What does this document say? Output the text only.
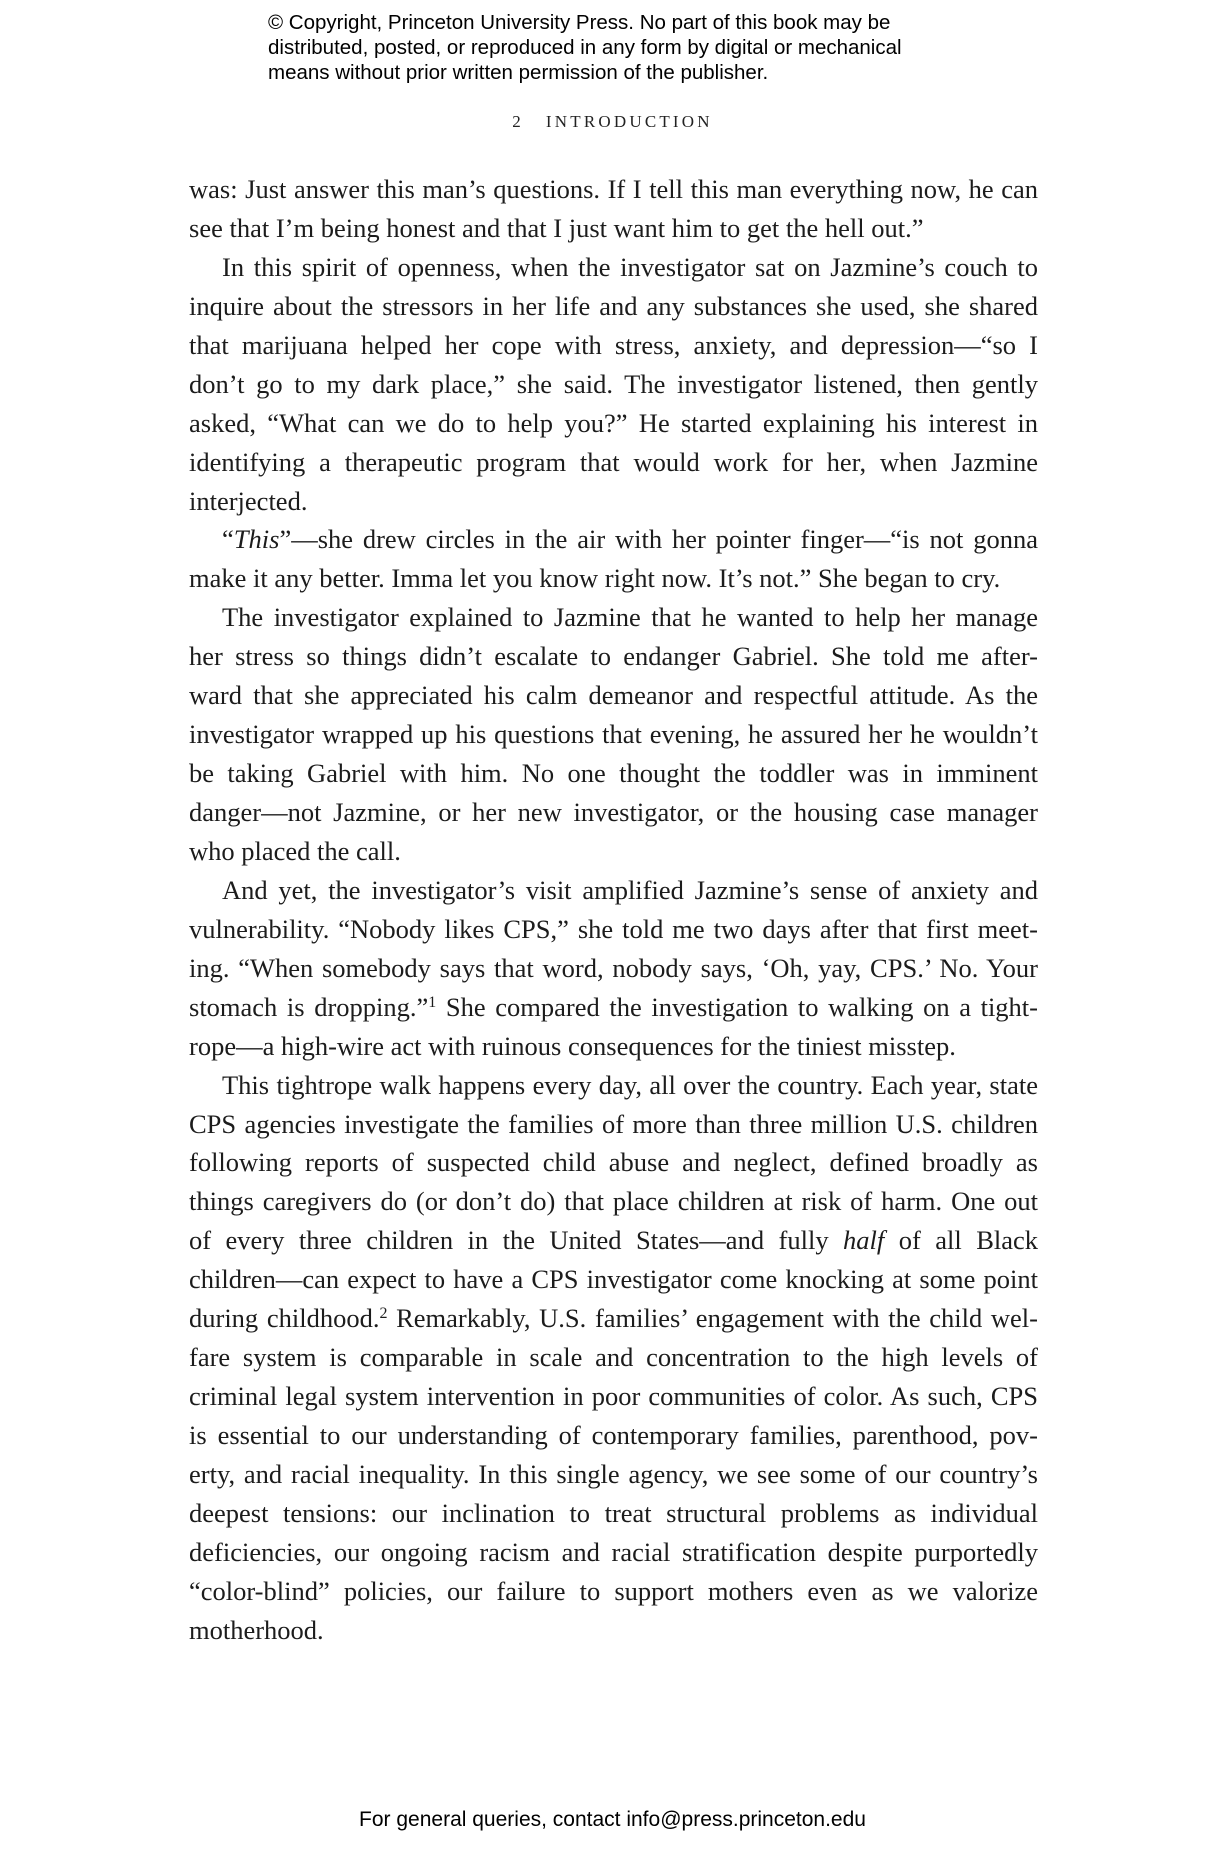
© Copyright, Princeton University Press. No part of this book may be
distributed, posted, or reproduced in any form by digital or mechanical
means without prior written permission of the publisher.
2 INTRODUCTION
was: Just answer this man’s questions. If I tell this man everything now, he can
see that I’m being honest and that I just want him to get the hell out.”
In this spirit of openness, when the investigator sat on Jazmine’s couch to
inquire about the stressors in her life and any substances she used, she shared
that marijuana helped her cope with stress, anxiety, and depression—“so I
don’t go to my dark place,” she said. The investigator listened, then gently
asked, “What can we do to help you?” He started explaining his interest in
identifying a therapeutic program that would work for her, when Jazmine
interjected.
“This”—she drew circles in the air with her pointer finger—“is not gonna
make it any better. Imma let you know right now. It’s not.” She began to cry.
The investigator explained to Jazmine that he wanted to help her manage
her stress so things didn’t escalate to endanger Gabriel. She told me after-
ward that she appreciated his calm demeanor and respectful attitude. As the
investigator wrapped up his questions that evening, he assured her he wouldn’t
be taking Gabriel with him. No one thought the toddler was in imminent
danger—not Jazmine, or her new investigator, or the housing case manager
who placed the call.
And yet, the investigator’s visit amplified Jazmine’s sense of anxiety and
vulnerability. “Nobody likes CPS,” she told me two days after that first meet-
ing. “When somebody says that word, nobody says, ‘Oh, yay, CPS.’ No. Your
stomach is dropping.”$^1$ She compared the investigation to walking on a tight-
rope—a high-wire act with ruinous consequences for the tiniest misstep.
This tightrope walk happens every day, all over the country. Each year, state
CPS agencies investigate the families of more than three million U.S. children
following reports of suspected child abuse and neglect, defined broadly as
things caregivers do (or don’t do) that place children at risk of harm. One out
of every three children in the United States—and fully half of all Black
children—can expect to have a CPS investigator come knocking at some point
during childhood.$^2$ Remarkably, U.S. families’ engagement with the child wel-
fare system is comparable in scale and concentration to the high levels of
criminal legal system intervention in poor communities of color. As such, CPS
is essential to our understanding of contemporary families, parenthood, pov-
erty, and racial inequality. In this single agency, we see some of our country’s
deepest tensions: our inclination to treat structural problems as individual
deficiencies, our ongoing racism and racial stratification despite purportedly
“color-blind” policies, our failure to support mothers even as we valorize
motherhood.
For general queries, contact info@press.princeton.edu
